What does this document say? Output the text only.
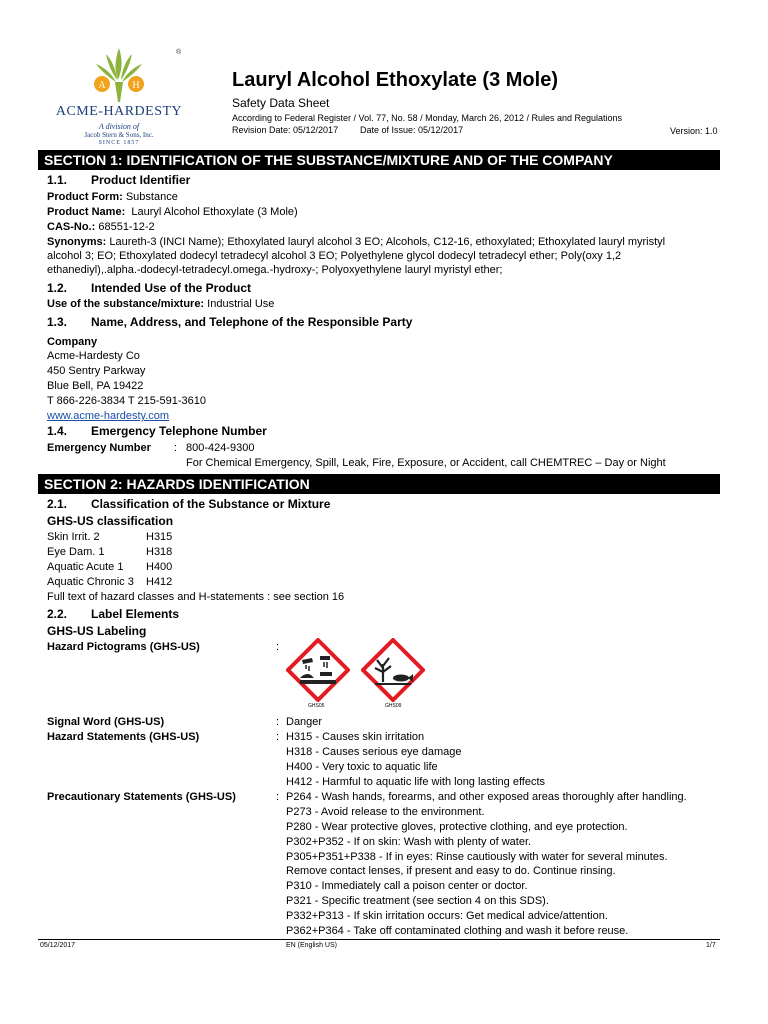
A	H
®
ACME-HARDESTY
A division of
Jacob Stern & Sons, Inc.
SINCE 1857
Lauryl Alcohol Ethoxylate (3 Mole)
Safety Data Sheet
According to Federal Register / Vol. 77, No. 58 / Monday, March 26, 2012 / Rules and Regulations
Revision Date: 05/12/2017 Date of Issue: 05/12/2017	Version: 1.0
SECTION 1: IDENTIFICATION OF THE SUBSTANCE/MIXTURE AND OF THE COMPANY
1.1. Product Identifier
Product Form: Substance
Product Name: Lauryl Alcohol Ethoxylate (3 Mole)
CAS-No.: 68551-12-2
Synonyms: Laureth-3 (INCI Name); Ethoxylated lauryl alcohol 3 EO; Alcohols, C12-16, ethoxylated; Ethoxylated lauryl myristyl
alcohol 3; EO; Ethoxylated dodecyl tetradecyl alcohol 3 EO; Polyethylene glycol dodecyl tetradecyl ether; Poly(oxy 1,2
ethanediyl),.alpha.-dodecyl-tetradecyl.omega.-hydroxy-; Polyoxyethylene lauryl myristyl ether;
1.2. Intended Use of the Product
Use of the substance/mixture: Industrial Use
1.3. Name, Address, and Telephone of the Responsible Party
Company
Acme-Hardesty Co
450 Sentry Parkway
Blue Bell, PA 19422
T 866-226-3834 T 215-591-3610
www.acme-hardesty.com
1.4. Emergency Telephone Number
Emergency Number : 800-424-9300
For Chemical Emergency, Spill, Leak, Fire, Exposure, or Accident, call CHEMTREC – Day or Night
SECTION 2: HAZARDS IDENTIFICATION
2.1. Classification of the Substance or Mixture
GHS-US classification
Skin Irrit. 2	H315
Eye Dam. 1	H318
Aquatic Acute 1 H400
Aquatic Chronic 3 H412
Full text of hazard classes and H-statements : see section 16
2.2. Label Elements
GHS-US Labeling
Hazard Pictograms (GHS-US)	:
GHS05	GHS09
Signal Word (GHS-US)	: Danger
Hazard Statements (GHS-US)	: H315 - Causes skin irritation
H318 - Causes serious eye damage
H400 - Very toxic to aquatic life
H412 - Harmful to aquatic life with long lasting effects
Precautionary Statements (GHS-US)	: P264 - Wash hands, forearms, and other exposed areas thoroughly after handling.
P273 - Avoid release to the environment.
P280 - Wear protective gloves, protective clothing, and eye protection.
P302+P352 - If on skin: Wash with plenty of water.
P305+P351+P338 - If in eyes: Rinse cautiously with water for several minutes.
Remove contact lenses, if present and easy to do. Continue rinsing.
P310 - Immediately call a poison center or doctor.
P321 - Specific treatment (see section 4 on this SDS).
P332+P313 - If skin irritation occurs: Get medical advice/attention.
P362+P364 - Take off contaminated clothing and wash it before reuse.
05/12/2017	EN (English US)	1/7
